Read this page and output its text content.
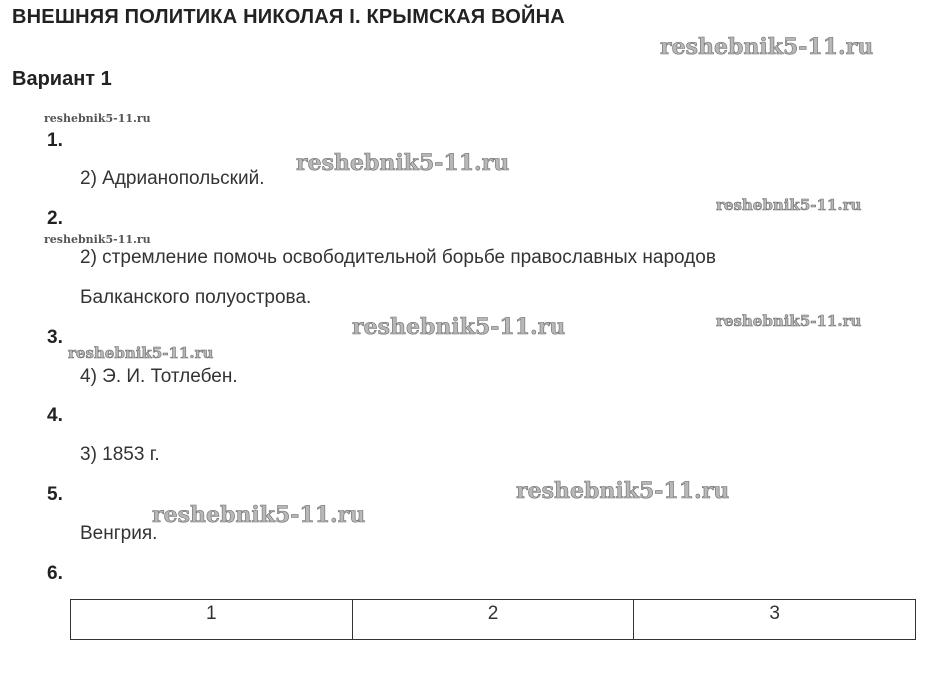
ВНЕШНЯЯ ПОЛИТИКА НИКОЛАЯ I. КРЫМСКАЯ ВОЙНА
Вариант 1
1.
2) Адрианопольский.
2.
2) стремление помочь освободительной борьбе православных народов
Балканского полуострова.
3.
4) Э. И. Тотлебен.
4.
3) 1853 г.
5.
Венгрия.
6.
1	2	3
reshebnik5-11.ru
reshebnik5-11.ru
reshebnik5-11.ru
reshebnik5-11.ru
reshebnik5-11.ru
reshebnik5-11.ru	reshebnik5-11.ru
reshebnik5-11.ru
reshebnik5-11.ru
reshebnik5-11.ru
